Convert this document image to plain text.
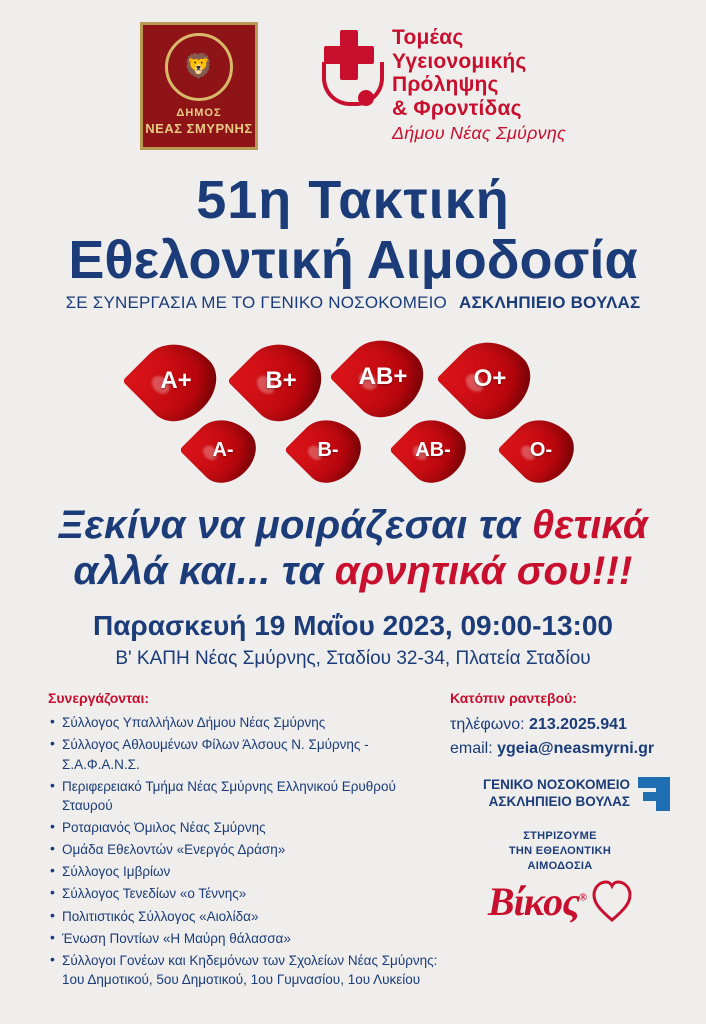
🦁
ΔΗΜΟΣ
ΝΕΑΣ ΣΜΥΡΝΗΣ
Τομέας
Υγειονομικής
Πρόληψης
& Φροντίδας
Δήμου Νέας Σμύρνης
51η Τακτική
Εθελοντική Αιμοδοσία
ΣΕ ΣΥΝΕΡΓΑΣΙΑ ΜΕ ΤΟ ΓΕΝΙΚΟ ΝΟΣΟΚΟΜΕΙΟ ΑΣΚΛΗΠΙΕΙΟ ΒΟΥΛΑΣ
A+	B+	AB+	O+
A-	B-	AB-	O-
Ξεκίνα να μοιράζεσαι τα θετικά
αλλά και... τα αρνητικά σου!!!
Παρασκευή 19 Μαΐου 2023, 09:00-13:00
Β' ΚΑΠΗ Νέας Σμύρνης, Σταδίου 32-34, Πλατεία Σταδίου
Συνεργάζονται:
• Σύλλογος Υπαλλήλων Δήμου Νέας Σμύρνης
• Σύλλογος Αθλουμένων Φίλων Άλσους Ν. Σμύρνης - Σ.Α.Φ.Α.Ν.Σ.
• Περιφερειακό Τμήμα Νέας Σμύρνης Ελληνικού Ερυθρού Σταυρού
• Ροταριανός Όμιλος Νέας Σμύρνης
• Ομάδα Εθελοντών «Ενεργός Δράση»
• Σύλλογος Ιμβρίων
• Σύλλογος Τενεδίων «ο Τέννης»
• Πολιτιστικός Σύλλογος «Αιολίδα»
• Ένωση Ποντίων «Η Μαύρη θάλασσα»
• Σύλλογοι Γονέων και Κηδεμόνων των Σχολείων Νέας Σμύρνης:
1ου Δημοτικού, 5ου Δημοτικού, 1ου Γυμνασίου, 1ου Λυκείου
Κατόπιν ραντεβού:
τηλέφωνο: 213.2025.941
email: ygeia@neasmyrni.gr
ΓΕΝΙΚΟ ΝΟΣΟΚΟΜΕΙΟ
ΑΣΚΛΗΠΙΕΙΟ ΒΟΥΛΑΣ
ΣΤΗΡΙΖΟΥΜΕ
ΤΗΝ ΕΘΕΛΟΝΤΙΚΗ
ΑΙΜΟΔΟΣΙΑ
Βίκος®
